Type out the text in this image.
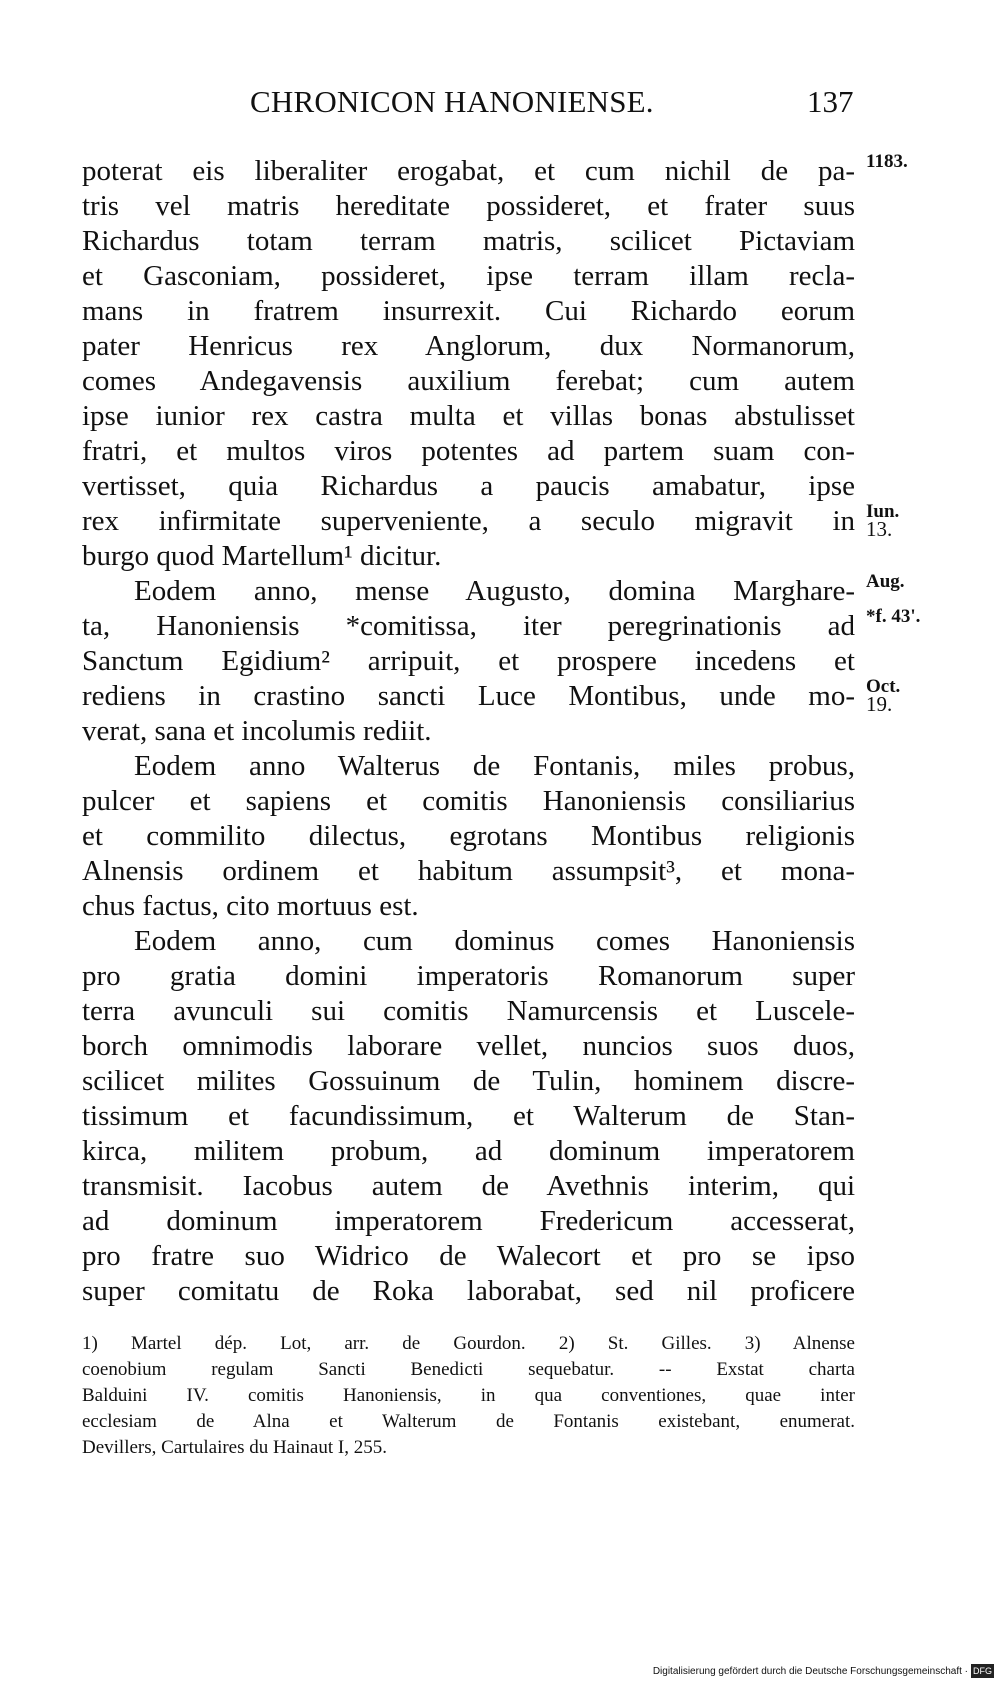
CHRONICON HANONIENSE.	137
poterat eis liberaliter erogabat, et cum nichil de pa- 1183.
tris vel matris hereditate possideret, et frater suus
Richardus totam terram matris, scilicet Pictaviam
et Gasconiam, possideret, ipse terram illam recla-
mans in fratrem insurrexit. Cui Richardo eorum
pater Henricus rex Anglorum, dux Normanorum,
comes Andegavensis auxilium ferebat; cum autem
ipse iunior rex castra multa et villas bonas abstulisset
fratri, et multos viros potentes ad partem suam con-
vertisset, quia Richardus a paucis amabatur, ipse
rex infirmitate superveniente, a seculo migravit in Iun.
13.
burgo quod Martellum¹ dicitur.
Eodem anno, mense Augusto, domina Marghare- Aug.
ta, Hanoniensis *comitissa, iter peregrinationis ad *f. 43'.
Sanctum Egidium² arripuit, et prospere incedens et
rediens in crastino sancti Luce Montibus, unde mo- Oct.
19.
verat, sana et incolumis rediit.
Eodem anno Walterus de Fontanis, miles probus,
pulcer et sapiens et comitis Hanoniensis consiliarius
et commilito dilectus, egrotans Montibus religionis
Alnensis ordinem et habitum assumpsit³, et mona-
chus factus, cito mortuus est.
Eodem anno, cum dominus comes Hanoniensis
pro gratia domini imperatoris Romanorum super
terra avunculi sui comitis Namurcensis et Luscele-
borch omnimodis laborare vellet, nuncios suos duos,
scilicet milites Gossuinum de Tulin, hominem discre-
tissimum et facundissimum, et Walterum de Stan-
kirca, militem probum, ad dominum imperatorem
transmisit. Iacobus autem de Avethnis interim, qui
ad dominum imperatorem Fredericum accesserat,
pro fratre suo Widrico de Walecort et pro se ipso
super comitatu de Roka laborabat, sed nil proficere
1) Martel dép. Lot, arr. de Gourdon. 2) St. Gilles. 3) Alnense
coenobium regulam Sancti Benedicti sequebatur. -- Exstat charta
Balduini IV. comitis Hanoniensis, in qua conventiones, quae inter
ecclesiam de Alna et Walterum de Fontanis existebant, enumerat.
Devillers, Cartulaires du Hainaut I, 255.
Digitalisierung gefördert durch die Deutsche Forschungsgemeinschaft · DFG
